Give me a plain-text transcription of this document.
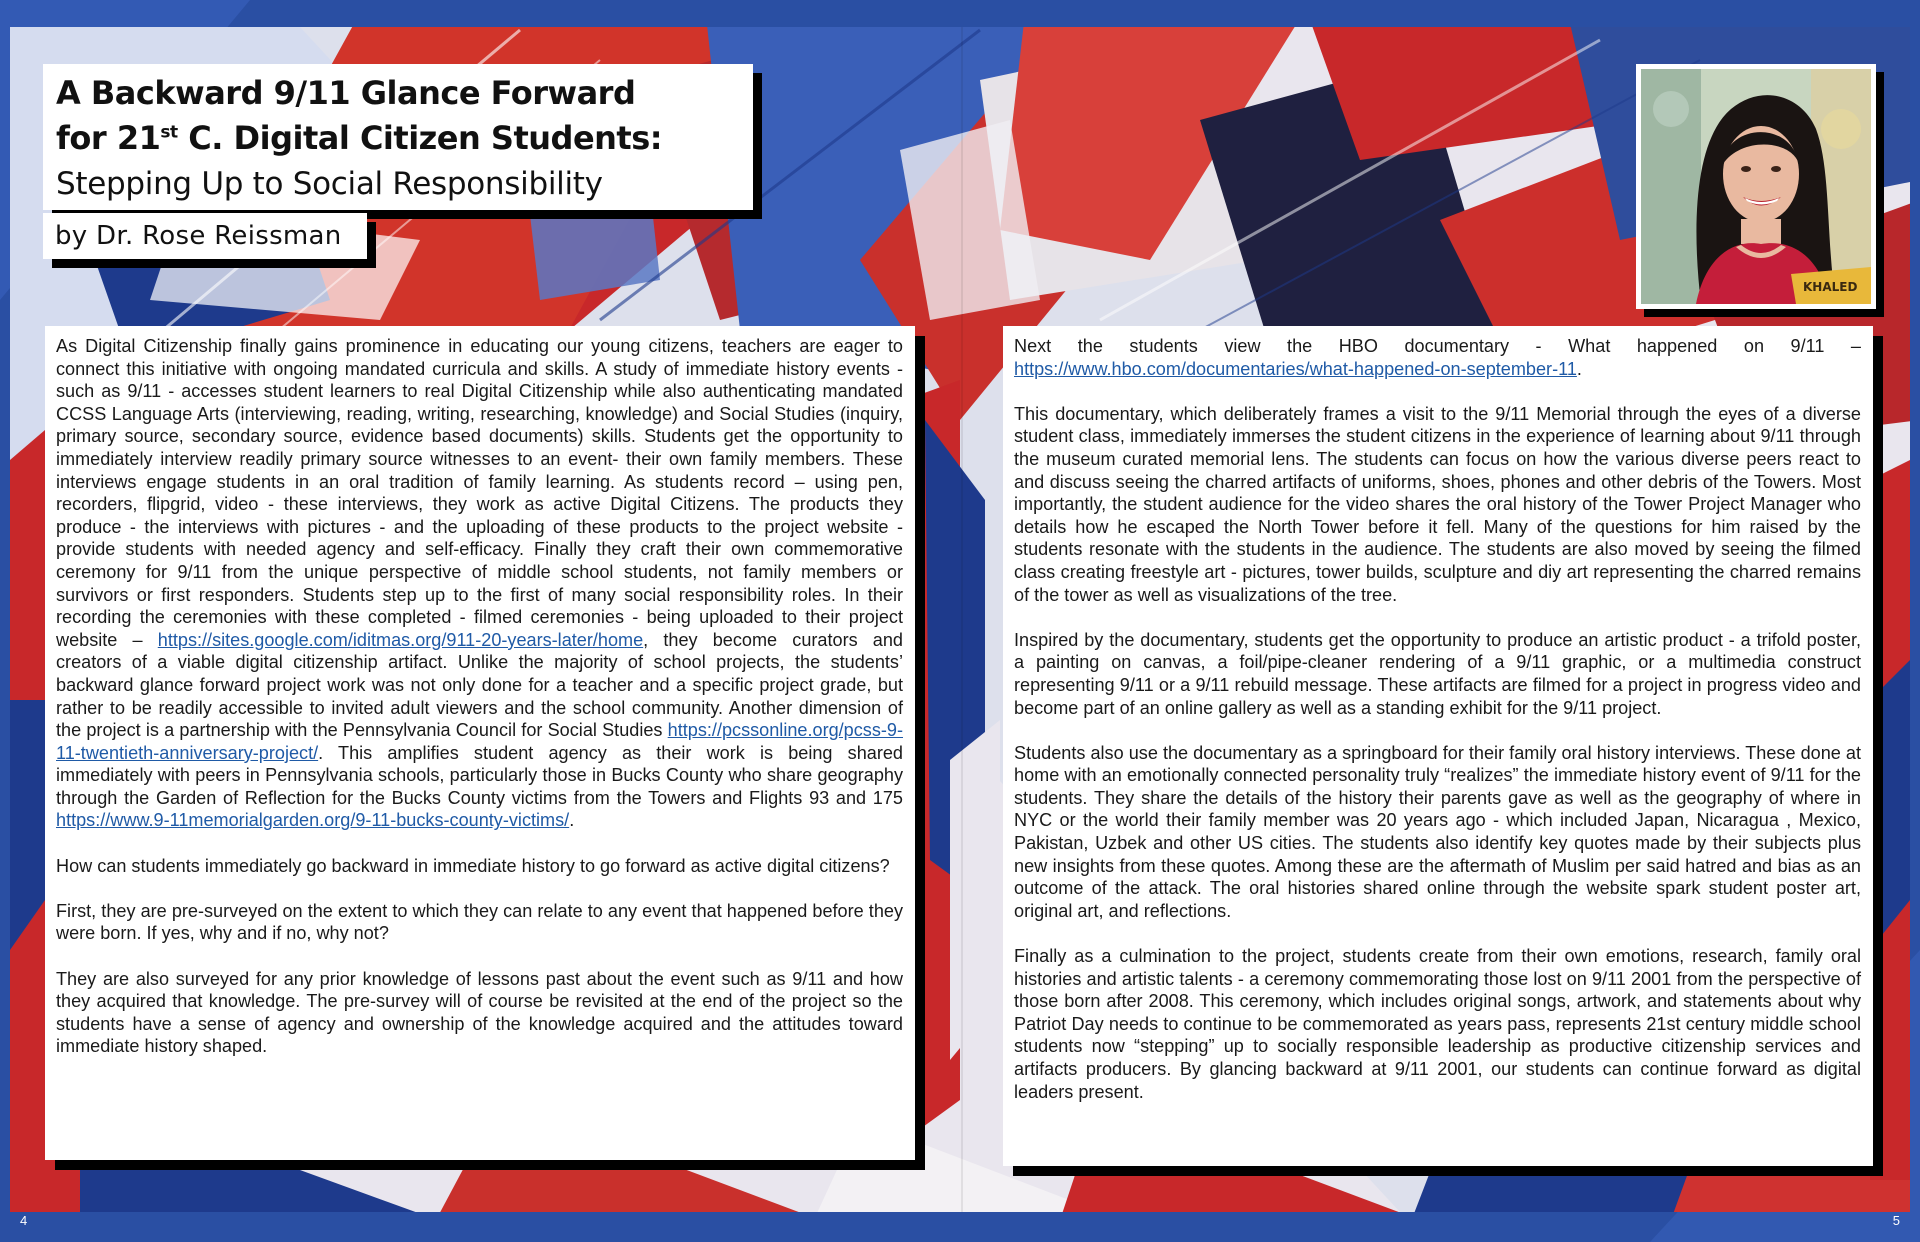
4	5
A Backward 9/11 Glance Forward
for 21st C. Digital Citizen Students:
Stepping Up to Social Responsibility
by Dr. Rose Reissman
KHALED

As Digital Citizenship finally gains prominence in educating our young citizens, teachers are eager to connect this initiative with ongoing mandated curricula and skills. A study of immediate history events - such as 9/11 - accesses student learners to real Digital Citizenship while also authenticating mandated CCSS Language Arts (interviewing, reading, writing, researching, knowledge) and Social Studies (inquiry, primary source, secondary source, evidence based documents) skills. Students get the opportunity to immediately interview readily primary source witnesses to an event- their own family members. These interviews engage students in an oral tradition of family learning. As students record – using pen, recorders, flipgrid, video - these interviews, they work as active Digital Citizens. The products they produce - the interviews with pictures - and the uploading of these products to the project website - provide students with needed agency and self-efficacy. Finally they craft their own commemorative ceremony for 9/11 from the unique perspective of middle school students, not family members or survivors or first responders. Students step up to the first of many social responsibility roles. In their recording the ceremonies with these completed - filmed ceremonies - being uploaded to their project website – https://sites.google.com/iditmas.org/911-20-years-later/home, they become curators and creators of a viable digital citizenship artifact. Unlike the majority of school projects, the students’ backward glance forward project work was not only done for a teacher and a specific project grade, but rather to be readily accessible to invited adult viewers and the school community. Another dimension of the project is a partnership with the Pennsylvania Council for Social Studies https://pcssonline.org/pcss-9-11-twentieth-anniversary-project/. This amplifies student agency as their work is being shared immediately with peers in Pennsylvania schools, particularly those in Bucks County who share geography through the Garden of Reflection for the Bucks County victims from the Towers and Flights 93 and 175 https://www.9-11memorialgarden.org/9-11-bucks-county-victims/.

How can students immediately go backward in immediate history to go forward as active digital citizens?

First, they are pre-surveyed on the extent to which they can relate to any event that happened before they were born. If yes, why and if no, why not?

They are also surveyed for any prior knowledge of lessons past about the event such as 9/11 and how they acquired that knowledge. The pre-survey will of course be revisited at the end of the project so the students have a sense of agency and ownership of the knowledge acquired and the attitudes toward immediate history shaped.

Next the students view the HBO documentary - What happened on 9/11 – https://www.hbo.com/documentaries/what-happened-on-september-11.

This documentary, which deliberately frames a visit to the 9/11 Memorial through the eyes of a diverse student class, immediately immerses the student citizens in the experience of learning about 9/11 through the museum curated memorial lens. The students can focus on how the various diverse peers react to and discuss seeing the charred artifacts of uniforms, shoes, phones and other debris of the Towers. Most importantly, the student audience for the video shares the oral history of the Tower Project Manager who details how he escaped the North Tower before it fell. Many of the questions for him raised by the students resonate with the students in the audience. The students are also moved by seeing the filmed class creating freestyle art - pictures, tower builds, sculpture and diy art representing the charred remains of the tower as well as visualizations of the tree.

Inspired by the documentary, students get the opportunity to produce an artistic product - a trifold poster, a painting on canvas, a foil/pipe-cleaner rendering of a 9/11 graphic, or a multimedia construct representing 9/11 or a 9/11 rebuild message. These artifacts are filmed for a project in progress video and become part of an online gallery as well as a standing exhibit for the 9/11 project.

Students also use the documentary as a springboard for their family oral history interviews. These done at home with an emotionally connected personality truly “realizes” the immediate history event of 9/11 for the students. They share the details of the history their parents gave as well as the geography of where in NYC or the world their family member was 20 years ago - which included Japan, Nicaragua , Mexico, Pakistan, Uzbek and other US cities. The students also identify key quotes made by their subjects plus new insights from these quotes. Among these are the aftermath of Muslim per said hatred and bias as an outcome of the attack. The oral histories shared online through the website spark student poster art, original art, and reflections.

Finally as a culmination to the project, students create from their own emotions, research, family oral histories and artistic talents - a ceremony commemorating those lost on 9/11 2001 from the perspective of those born after 2008. This ceremony, which includes original songs, artwork, and statements about why Patriot Day needs to continue to be commemorated as years pass, represents 21st century middle school students now “stepping” up to socially responsible leadership as productive citizenship services and artifacts producers. By glancing backward at 9/11 2001, our students can continue forward as digital leaders present.
